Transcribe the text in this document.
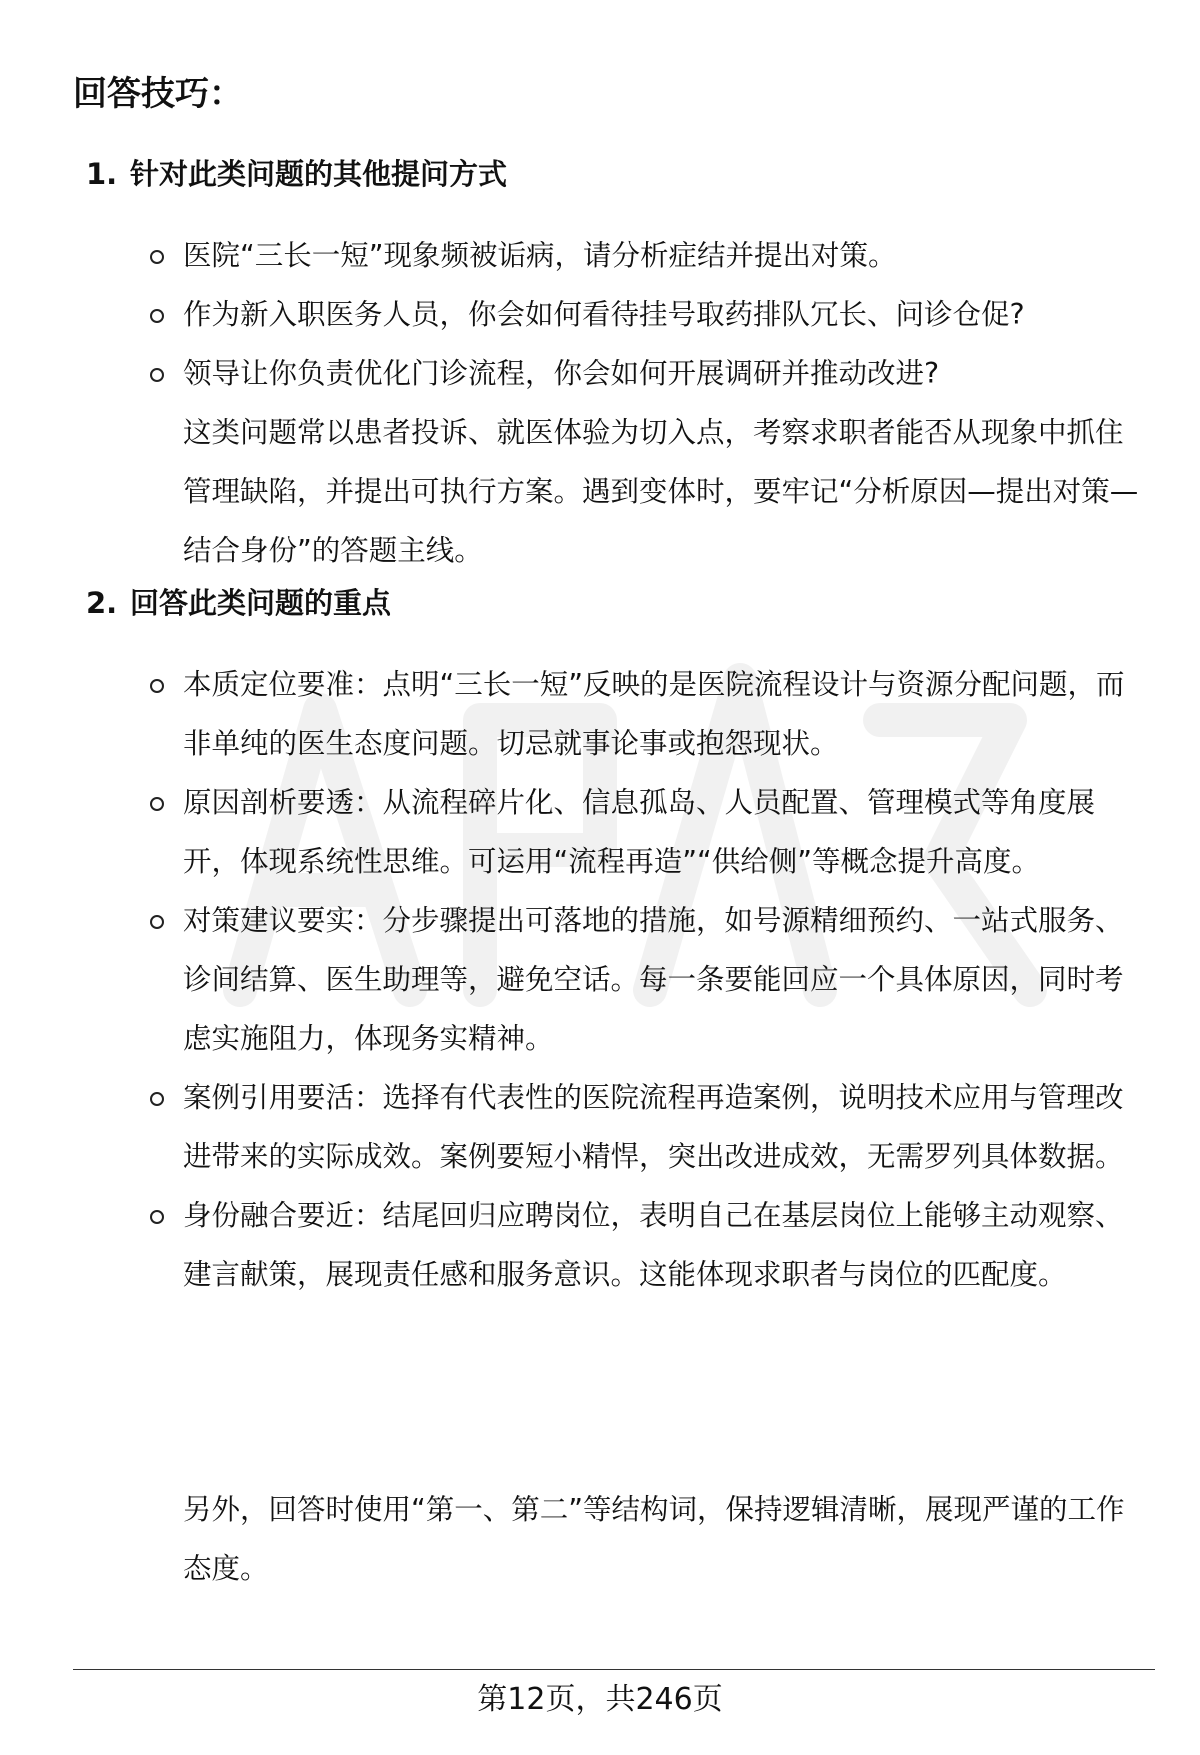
回答技巧：
1. 针对此类问题的其他提问方式
医院“三长一短”现象频被诟病，请分析症结并提出对策。
作为新入职医务人员，你会如何看待挂号取药排队冗长、问诊仓促?
领导让你负责优化门诊流程，你会如何开展调研并推动改进?

这类问题常以患者投诉、就医体验为切入点，考察求职者能否从现象中抓住管理缺陷，并提出可执行方案。遇到变体时，要牢记“分析原因—提出对策—结合身份”的答题主线。

2. 回答此类问题的重点
本质定位要准：点明“三长一短”反映的是医院流程设计与资源分配问题，而非单纯的医生态度问题。切忌就事论事或抱怨现状。
原因剖析要透：从流程碎片化、信息孤岛、人员配置、管理模式等角度展开，体现系统性思维。可运用“流程再造”“供给侧”等概念提升高度。
对策建议要实：分步骤提出可落地的措施，如号源精细预约、一站式服务、诊间结算、医生助理等，避免空话。每一条要能回应一个具体原因，同时考虑实施阻力，体现务实精神。
案例引用要活：选择有代表性的医院流程再造案例，说明技术应用与管理改进带来的实际成效。案例要短小精悍，突出改进成效，无需罗列具体数据。
身份融合要近：结尾回归应聘岗位，表明自己在基层岗位上能够主动观察、建言献策，展现责任感和服务意识。这能体现求职者与岗位的匹配度。

另外，回答时使用“第一、第二”等结构词，保持逻辑清晰，展现严谨的工作态度。

第12页，共246页
